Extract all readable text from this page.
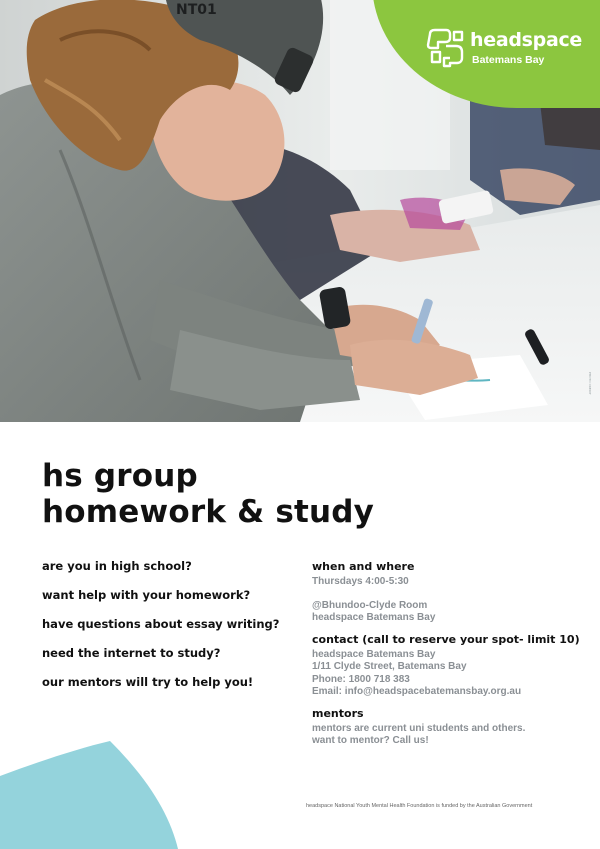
NT01
PHOTO CREDIT
headspace
Batemans Bay
hs group
homework & study
are you in high school?
want help with your homework?
have questions about essay writing?
need the internet to study?
our mentors will try to help you!
when and where
Thursdays 4:00-5:30
@Bhundoo-Clyde Room
headspace Batemans Bay
contact (call to reserve your spot- limit 10)
headspace Batemans Bay
1/11 Clyde Street, Batemans Bay
Phone: 1800 718 383
Email: info@headspacebatemansbay.org.au
mentors
mentors are current uni students and others.
want to mentor? Call us!
headspace National Youth Mental Health Foundation is funded by the Australian Government
